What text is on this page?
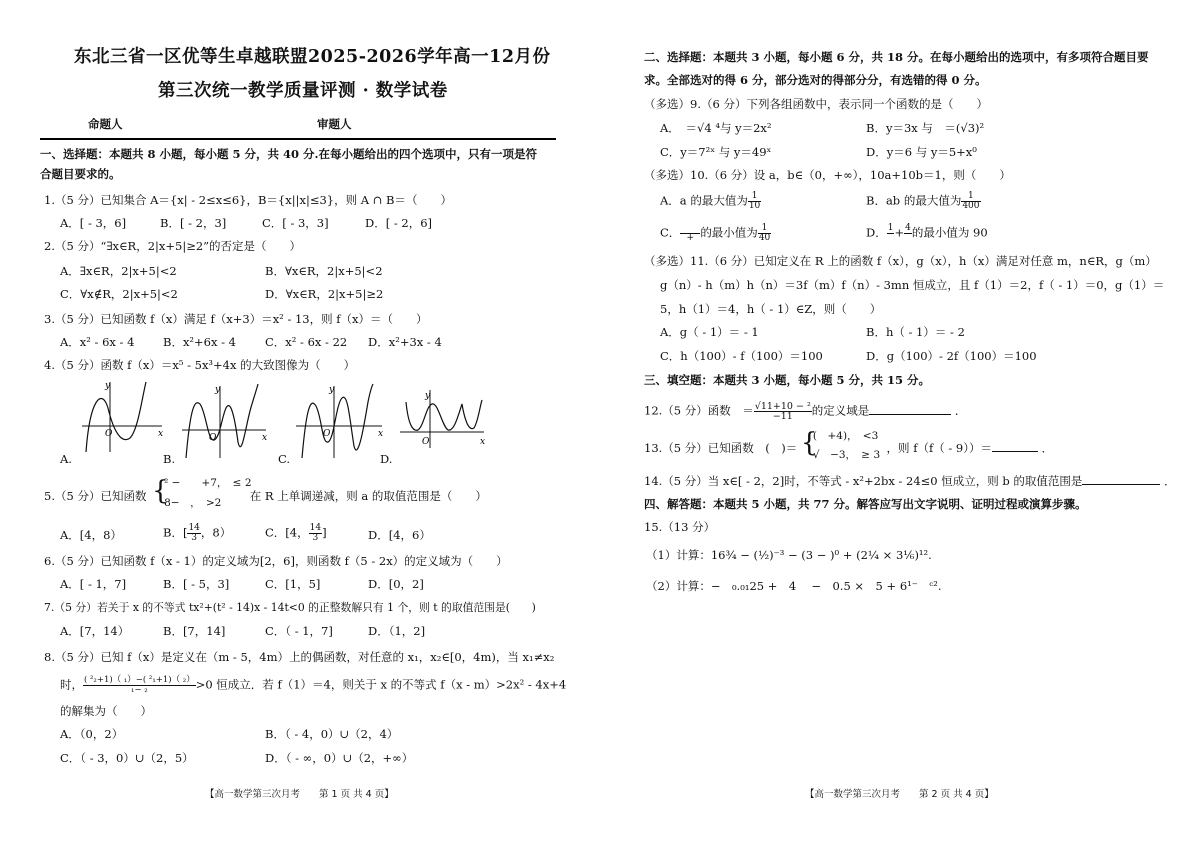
东北三省一区优等生卓越联盟2025-2026学年高一12月份
第三次统一教学质量评测 · 数学试卷
命题人	审题人
一、选择题：本题共 8 小题，每小题 5 分，共 40 分.在每小题给出的四个选项中，只有一项是符
合题目要求的。
1.（5 分）已知集合 A＝{x| - 2≤x≤6}，B＝{x||x|≤3}，则 A ∩ B＝（　　）
A．[ - 3，6]	B．[ - 2，3]	C．[ - 3，3]	D．[ - 2，6]
2.（5 分）“∃x∈R，2|x+5|≥2”的否定是（　　）
A．∃x∈R，2|x+5|<2	B．∀x∈R，2|x+5|<2
C．∀x∉R，2|x+5|<2	D．∀x∈R，2|x+5|≥2
3.（5 分）已知函数 f（x）满足 f（x+3）＝x² - 13，则 f（x）＝（　　）
A．x² - 6x - 4 B．x²+6x - 4	C．x² - 6x - 22 D．x²+3x - 4
4.（5 分）函数 f（x）＝x⁵ - 5x³+4x 的大致图像为（　　）
y
x
O
A.
y
x
O
B.
y
x
O
C.
y
x
O
D.
5.（5 分）已知函数 {
² −　　+7，　≤ 2
8−　，　>2 在 R 上单调递减，则 a 的取值范围是（　　）
A．[4，8）	B．[ $\frac{14}{3}$ ，8）	C．[4， $\frac{14}{3}$ ]	D．[4，6）
6.（5 分）已知函数 f（x - 1）的定义域为[2，6]，则函数 f（5 - 2x）的定义域为（　　）
A．[ - 1，7]	B．[ - 5，3]	C．[1，5]	D．[0，2]
7.（5 分）若关于 x 的不等式 tx²+(t² - 14)x - 14t<0 的正整数解只有 1 个，则 t 的取值范围是(　　)
A．[7，14）	B．[7，14]	C．（ - 1，7]	D．（1，2]
8.（5 分）已知 f（x）是定义在（m - 5，4m）上的偶函数，对任意的 x₁，x₂∈[0，4m)，当 x₁≠x₂
时， $\frac{\text{( ²₂+1)（ ₁）−( ²₁+1)（ ₂）}}{\text{₁− ₂}} >0$ 恒成立．若 f（1）＝4，则关于 x 的不等式 f（x - m）>2x² - 4x+4
的解集为（　　）
A．（0，2）	B．（ - 4，0）∪（2，4）
C．（ - 3，0）∪（2，5）	D．（ - ∞，0）∪（2，+∞）
【高一数学第三次月考　　第 1 页 共 4 页】
二、选择题：本题共 3 小题，每小题 6 分，共 18 分。在每小题给出的选项中，有多项符合题目要
求。全部选对的得 6 分，部分选对的得部分分，有选错的得 0 分。
（多选）9.（6 分）下列各组函数中，表示同一个函数的是（　　）
A．　＝√4 ⁴与 y＝2x²	B．y＝3x 与　＝(√3)²
C．y＝7²ˣ 与 y＝49ˣ	D．y＝6 与 y＝5+x⁰
（多选）10.（6 分）设 a，b∈（0，+∞），10a+10b＝1，则（　　）
A．a 的最大值为 $\frac{1}{10}$	B．ab 的最大值为 $\frac{1}{400}$
C．
+ 的最小值为 $\frac{1}{40}$	D． 1
+ 4
的最小值为 90
（多选）11.（6 分）已知定义在 R 上的函数 f（x），g（x），h（x）满足对任意 m，n∈R，g（m）
g（n）- h（m）h（n）＝3f（m）f（n）- 3mn 恒成立，且 f（1）＝2，f（ - 1）＝0，g（1）＝
5，h（1）＝4，h（ - 1）∈Z，则（　　）
A．g（ - 1）＝ - 1	B．h（ - 1）＝ - 2
C．h（100）- f（100）＝100	D．g（100）- 2f（100）＝100
三、填空题：本题共 3 小题，每小题 5 分，共 15 分。
12.（5 分）函数　＝ $\frac{\text{√11+10 − ²}}{-11}$ 的定义域是	．
13.（5 分）已知函数　(　)＝ {
(　+4)，　<3
√　−3，　≥ 3 ，则 f（f（ - 9））＝	．
14.（5 分）当 x∈[ - 2，2]时，不等式 - x²+2bx - 24≤0 恒成立，则 b 的取值范围是	．
四、解答题：本题共 5 小题，共 77 分。解答应写出文字说明、证明过程或演算步骤。
15.（13 分）
（1）计算：16¾ − (½)⁻³ − (3 − )⁰ + (2¼ × 3⅙)¹².
（2）计算：−　₀.₀₁25 +　4　 −　0.5 ×　5 + 6¹⁻　ᶜ².
【高一数学第三次月考　　第 2 页 共 4 页】
